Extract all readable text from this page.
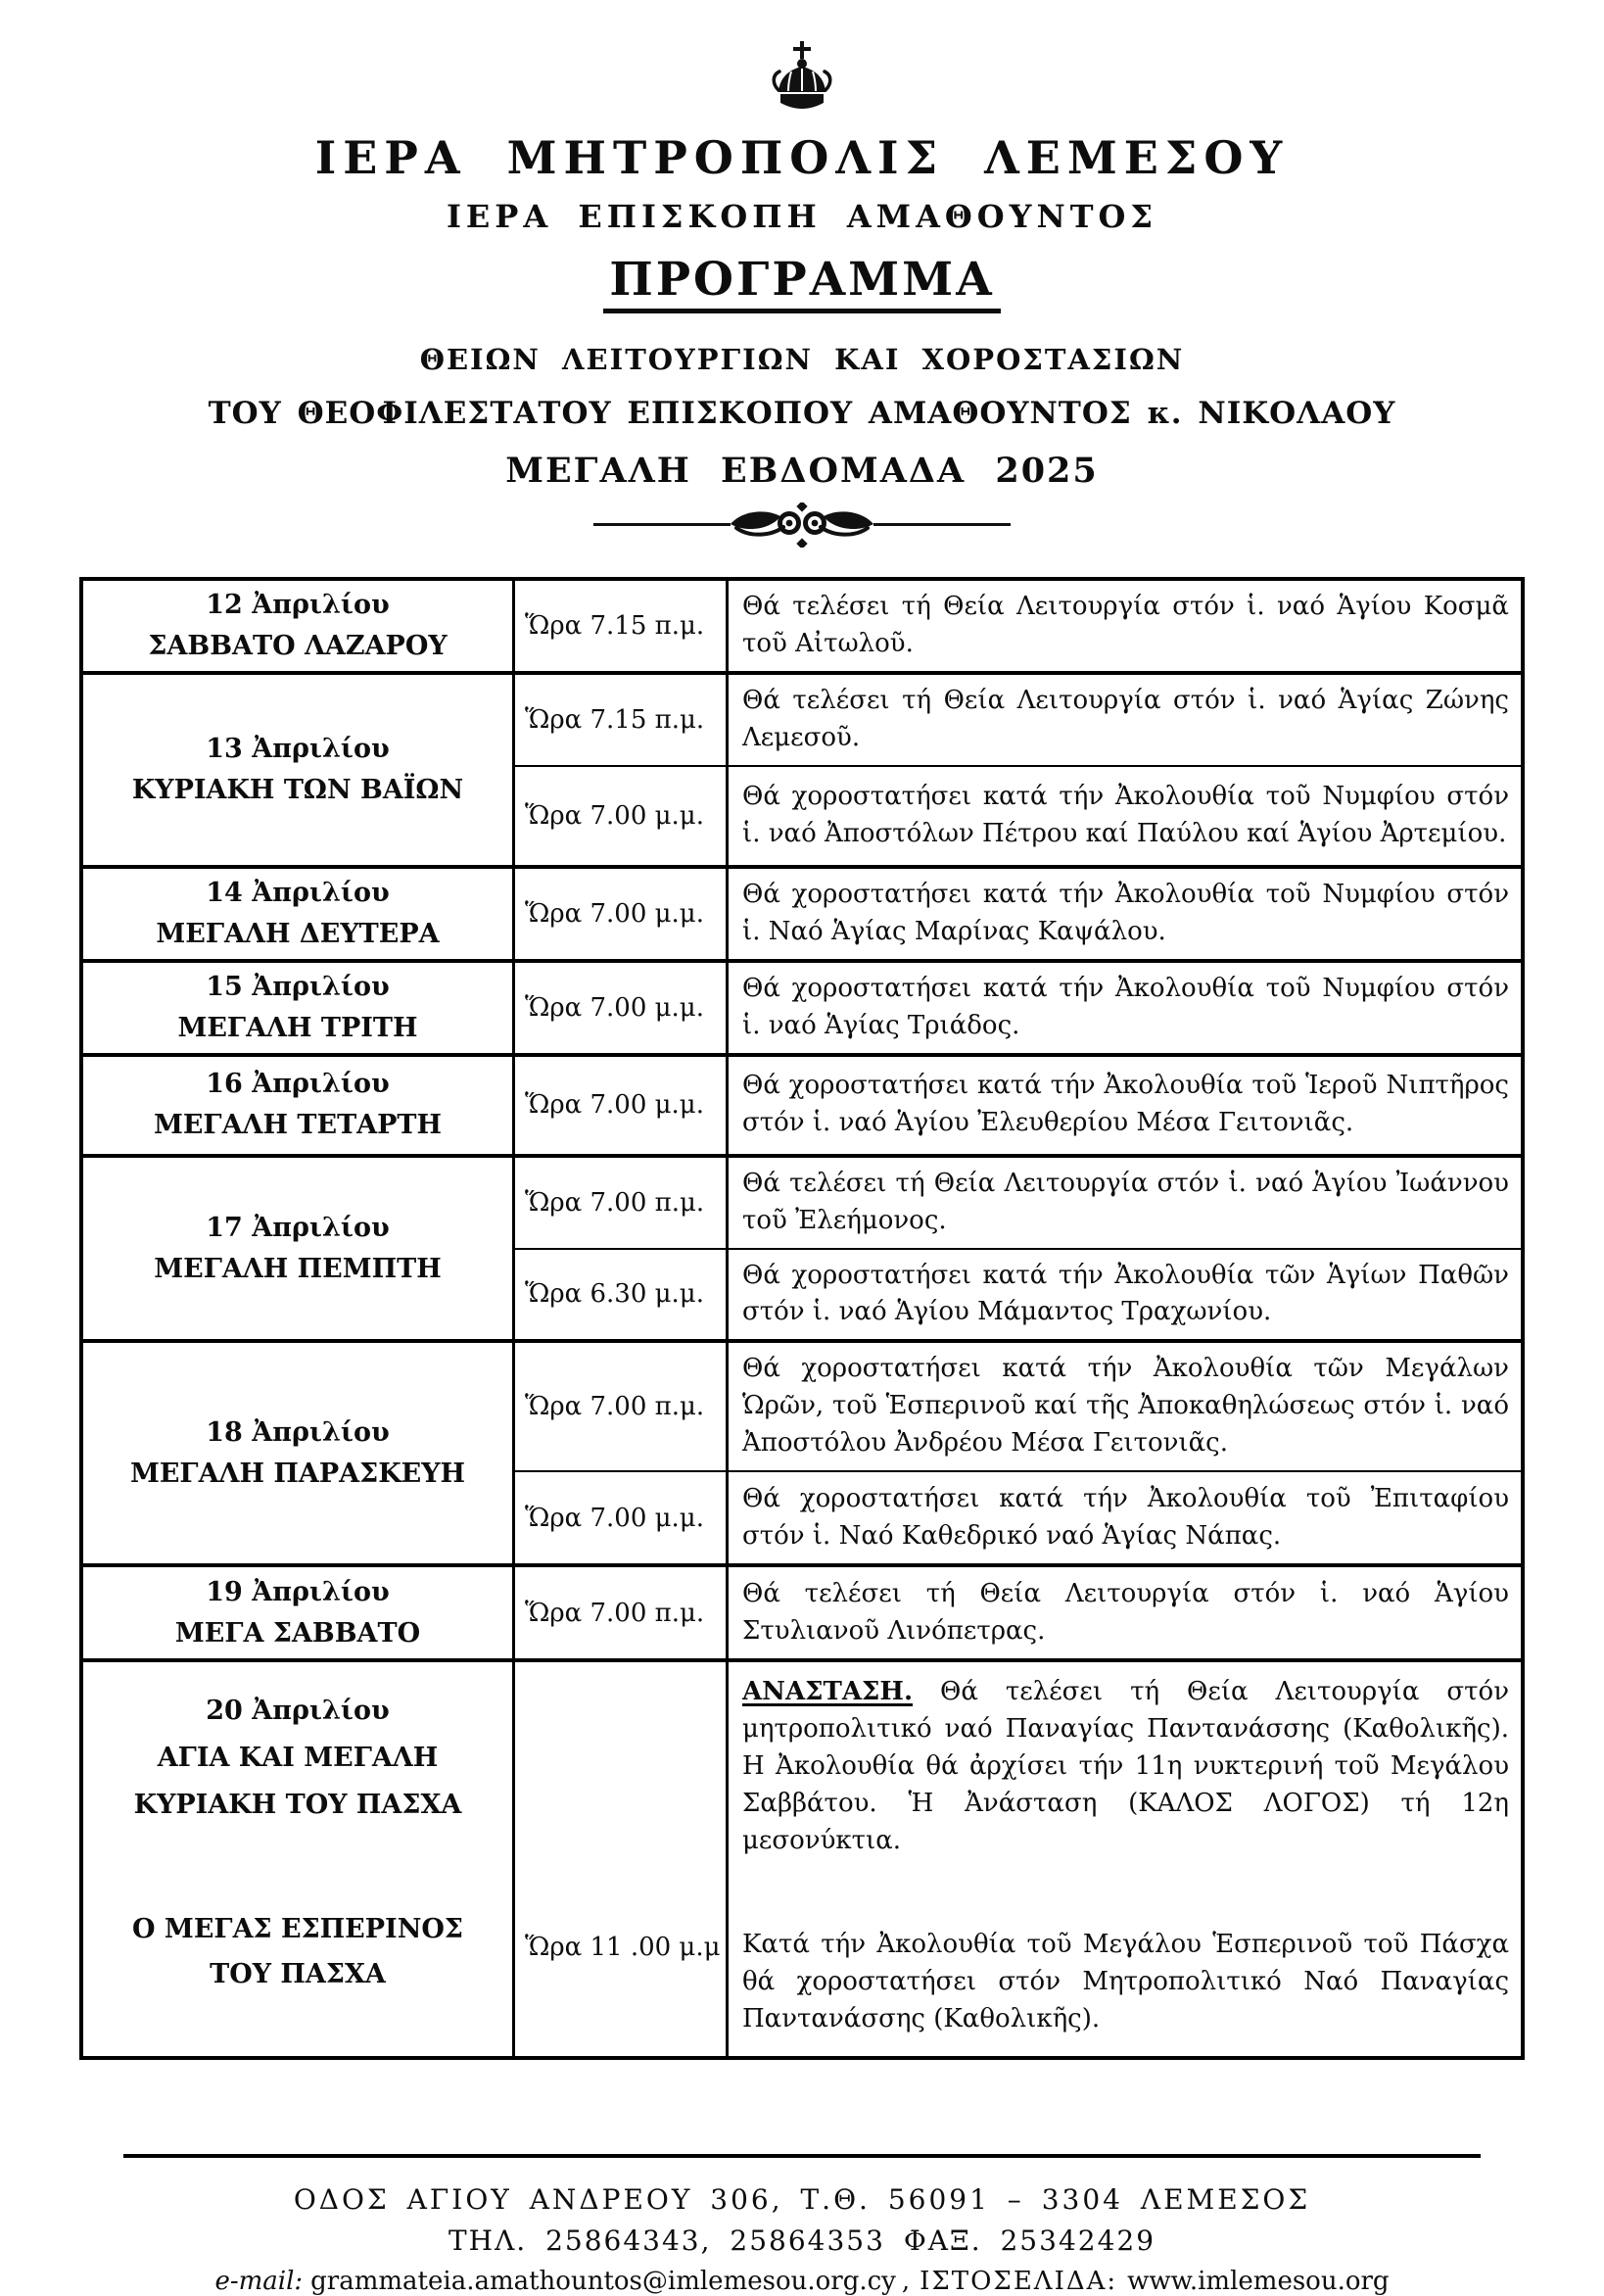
ΙΕΡΑ ΜΗΤΡΟΠΟΛΙΣ ΛΕΜΕΣΟΥ
ΙΕΡΑ ΕΠΙΣΚΟΠΗ ΑΜΑΘΟΥΝΤΟΣ
ΠΡΟΓΡΑΜΜΑ
ΘΕΙΩΝ ΛΕΙΤΟΥΡΓΙΩΝ ΚΑΙ ΧΟΡΟΣΤΑΣΙΩΝ
ΤΟΥ ΘΕΟΦΙΛΕΣΤΑΤΟΥ ΕΠΙΣΚΟΠΟΥ ΑΜΑΘΟΥΝΤΟΣ κ. ΝΙΚΟΛΑΟΥ
ΜΕΓΑΛΗ ΕΒΔΟΜΑΔΑ 2025
12 Ἀπριλίου
ΣΑΒΒΑΤΟ ΛΑΖΑΡΟΥ
Ὥρα 7.15 π.μ.
Θά τελέσει τή Θεία Λειτουργία στόν ἱ. ναό Ἁγίου Κοσμᾶ τοῦ Αἰτωλοῦ.
13 Ἀπριλίου
ΚΥΡΙΑΚΗ ΤΩΝ ΒΑΪΩΝ
Ὥρα 7.15 π.μ.
Θά τελέσει τή Θεία Λειτουργία στόν ἱ. ναό Ἁγίας Ζώνης Λεμεσοῦ.
Ὥρα 7.00 μ.μ.
Θά χοροστατήσει κατά τήν Ἀκολουθία τοῦ Νυμφίου στόν ἱ. ναό Ἀποστόλων Πέτρου καί Παύλου καί Ἁγίου Ἀρτεμίου.
14 Ἀπριλίου
ΜΕΓΑΛΗ ΔΕΥΤΕΡΑ
Ὥρα 7.00 μ.μ.
Θά χοροστατήσει κατά τήν Ἀκολουθία τοῦ Νυμφίου στόν ἱ. Ναό Ἁγίας Μαρίνας Καψάλου.
15 Ἀπριλίου
ΜΕΓΑΛΗ ΤΡΙΤΗ
Ὥρα 7.00 μ.μ.
Θά χοροστατήσει κατά τήν Ἀκολουθία τοῦ Νυμφίου στόν ἱ. ναό Ἁγίας Τριάδος.
16 Ἀπριλίου
ΜΕΓΑΛΗ ΤΕΤΑΡΤΗ
Ὥρα 7.00 μ.μ.
Θά χοροστατήσει κατά τήν Ἀκολουθία τοῦ Ἱεροῦ Νιπτῆρος στόν ἱ. ναό Ἁγίου Ἐλευθερίου Μέσα Γειτονιᾶς.
17 Ἀπριλίου
ΜΕΓΑΛΗ ΠΕΜΠΤΗ
Ὥρα 7.00 π.μ.
Θά τελέσει τή Θεία Λειτουργία στόν ἱ. ναό Ἁγίου Ἰωάννου τοῦ Ἐλεήμονος.
Ὥρα 6.30 μ.μ.
Θά χοροστατήσει κατά τήν Ἀκολουθία τῶν Ἁγίων Παθῶν στόν ἱ. ναό Ἁγίου Μάμαντος Τραχωνίου.
18 Ἀπριλίου
ΜΕΓΑΛΗ ΠΑΡΑΣΚΕΥΗ
Ὥρα 7.00 π.μ.
Θά χοροστατήσει κατά τήν Ἀκολουθία τῶν Μεγάλων Ὡρῶν, τοῦ Ἑσπερινοῦ καί τῆς Ἀποκαθηλώσεως στόν ἱ. ναό Ἀποστόλου Ἀνδρέου Μέσα Γειτονιᾶς.
Ὥρα 7.00 μ.μ.
Θά χοροστατήσει κατά τήν Ἀκολουθία τοῦ Ἐπιταφίου στόν ἱ. Ναό Καθεδρικό ναό Ἁγίας Νάπας.
19 Ἀπριλίου
ΜΕΓΑ ΣΑΒΒΑΤΟ
Ὥρα 7.00 π.μ.
Θά τελέσει τή Θεία Λειτουργία στόν ἱ. ναό Ἁγίου Στυλιανοῦ Λινόπετρας.
20 Ἀπριλίου
ΑΓΙΑ ΚΑΙ ΜΕΓΑΛΗ
ΚΥΡΙΑΚΗ ΤΟΥ ΠΑΣΧΑ
Ο ΜΕΓΑΣ ΕΣΠΕΡΙΝΟΣ
ΤΟΥ ΠΑΣΧΑ
Ὥρα 11 .00 μ.μ
ΑΝΑΣΤΑΣΗ. Θά τελέσει τή Θεία Λειτουργία στόν μητροπολιτικό ναό Παναγίας Παντανάσσης (Καθολικῆς). Η Ἀκολουθία θά ἀρχίσει τήν 11η νυκτερινή τοῦ Μεγάλου Σαββάτου. Ἡ Ἀνάσταση (ΚΑΛΟΣ ΛΟΓΟΣ) τή 12η μεσονύκτια.
Κατά τήν Ἀκολουθία τοῦ Μεγάλου Ἑσπερινοῦ τοῦ Πάσχα θά χοροστατήσει στόν Μητροπολιτικό Ναό Παναγίας Παντανάσσης (Καθολικῆς).
ΟΔΟΣ ΑΓΙΟΥ ΑΝΔΡΕΟΥ 306, Τ.Θ. 56091 – 3304 ΛΕΜΕΣΟΣ
ΤΗΛ. 25864343, 25864353 ΦΑΞ. 25342429
e-mail: grammateia.amathountos@imlemesou.org.cy , ΙΣΤΟΣΕΛΙΔΑ: www.imlemesou.org
